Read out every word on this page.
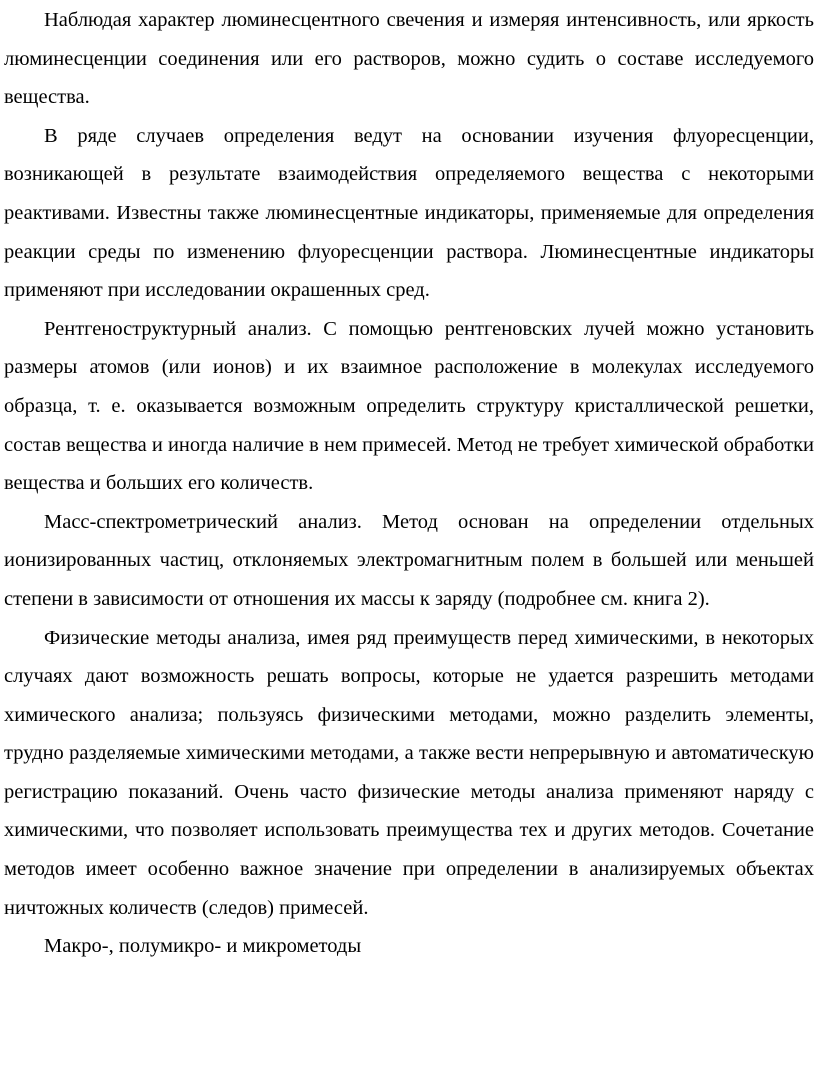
Наблюдая характер люминесцентного свечения и измеряя интенсивность, или яркость люминесценции соединения или его растворов, можно судить о составе исследуемого вещества.

В ряде случаев определения ведут на основании изучения флуоресценции, возникающей в результате взаимодействия определяемого вещества с некоторыми реактивами. Известны также люминесцентные индикаторы, применяемые для определения реакции среды по изменению флуоресценции раствора. Люминесцентные индикаторы применяют при исследовании окрашенных сред.

Рентгеноструктурный анализ. С помощью рентгеновских лучей можно установить размеры атомов (или ионов) и их взаимное расположение в молекулах исследуемого образца, т. е. оказывается возможным определить структуру кристаллической решетки, состав вещества и иногда наличие в нем примесей. Метод не требует химической обработки вещества и больших его количеств.

Масс-спектрометрический анализ. Метод основан на определении отдельных ионизированных частиц, отклоняемых электромагнитным полем в большей или меньшей степени в зависимости от отношения их массы к заряду (подробнее см. книга 2).

Физические методы анализа, имея ряд преимуществ перед химическими, в некоторых случаях дают возможность решать вопросы, которые не удается разрешить методами химического анализа; пользуясь физическими методами, можно разделить элементы, трудно разделяемые химическими методами, а также вести непрерывную и автоматическую регистрацию показаний. Очень часто физические методы анализа применяют наряду с химическими, что позволяет использовать преимущества тех и других методов. Сочетание методов имеет особенно важное значение при определении в анализируемых объектах ничтожных количеств (следов) примесей.

Макро-, полумикро- и микрометоды
